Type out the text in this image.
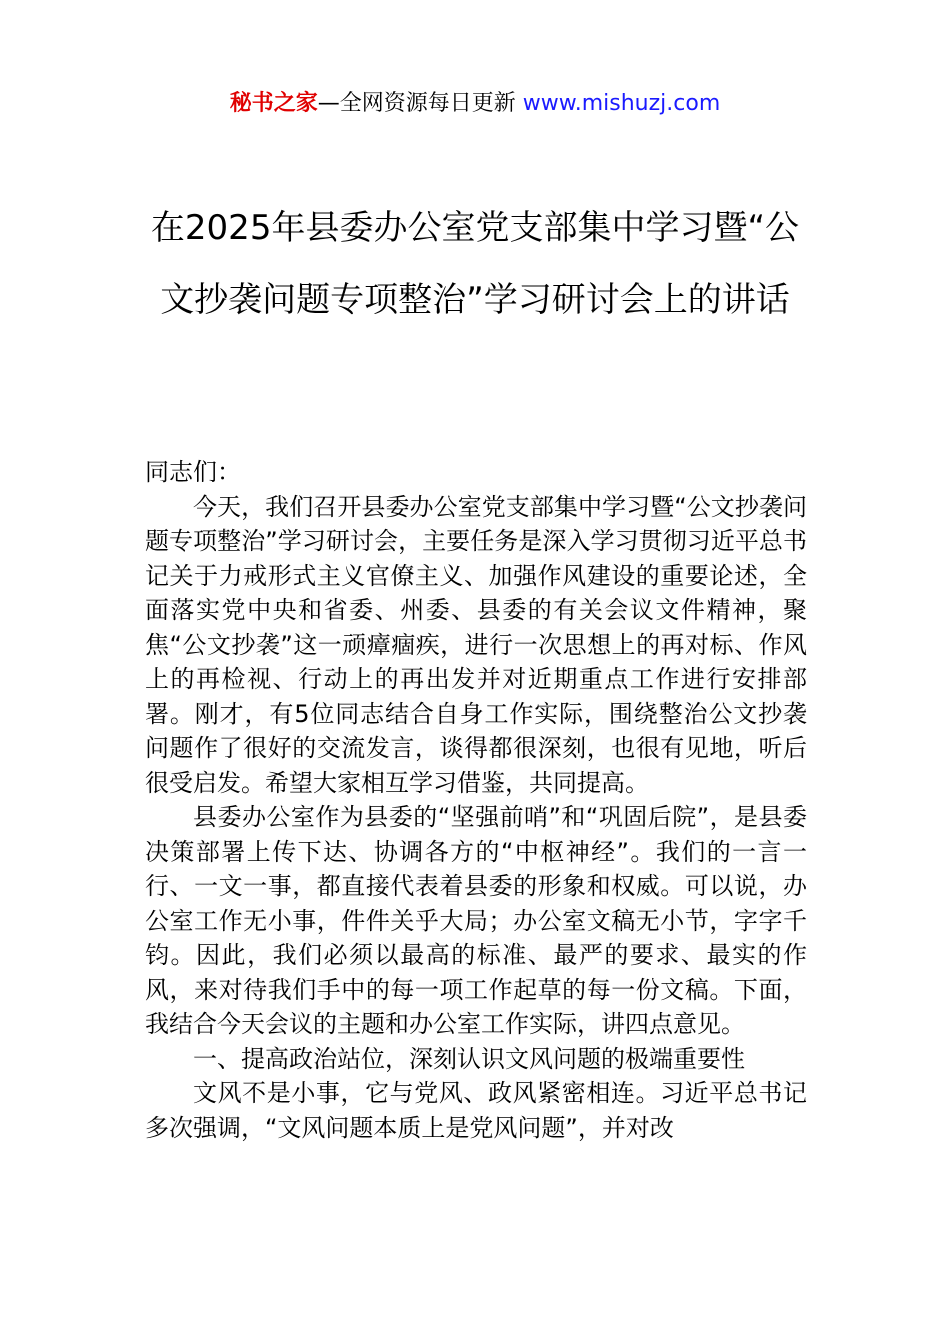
秘书之家—全网资源每日更新 www.mishuzj.com
在2025年县委办公室党支部集中学习暨“公文抄袭问题专项整治”学习研讨会上的讲话

同志们：

今天，我们召开县委办公室党支部集中学习暨“公文抄袭问题专项整治”学习研讨会，主要任务是深入学习贯彻习近平总书记关于力戒形式主义官僚主义、加强作风建设的重要论述，全面落实党中央和省委、州委、县委的有关会议文件精神，聚焦“公文抄袭”这一顽瘴痼疾，进行一次思想上的再对标、作风上的再检视、行动上的再出发并对近期重点工作进行安排部署。刚才，有5位同志结合自身工作实际，围绕整治公文抄袭问题作了很好的交流发言，谈得都很深刻，也很有见地，听后很受启发。希望大家相互学习借鉴，共同提高。

县委办公室作为县委的“坚强前哨”和“巩固后院”，是县委决策部署上传下达、协调各方的“中枢神经”。我们的一言一行、一文一事，都直接代表着县委的形象和权威。可以说，办公室工作无小事，件件关乎大局；办公室文稿无小节，字字千钧。因此，我们必须以最高的标准、最严的要求、最实的作风，来对待我们手中的每一项工作起草的每一份文稿。下面，我结合今天会议的主题和办公室工作实际，讲四点意见。

一、提高政治站位，深刻认识文风问题的极端重要性

文风不是小事，它与党风、政风紧密相连。习近平总书记多次强调，“文风问题本质上是党风问题”，并对改
